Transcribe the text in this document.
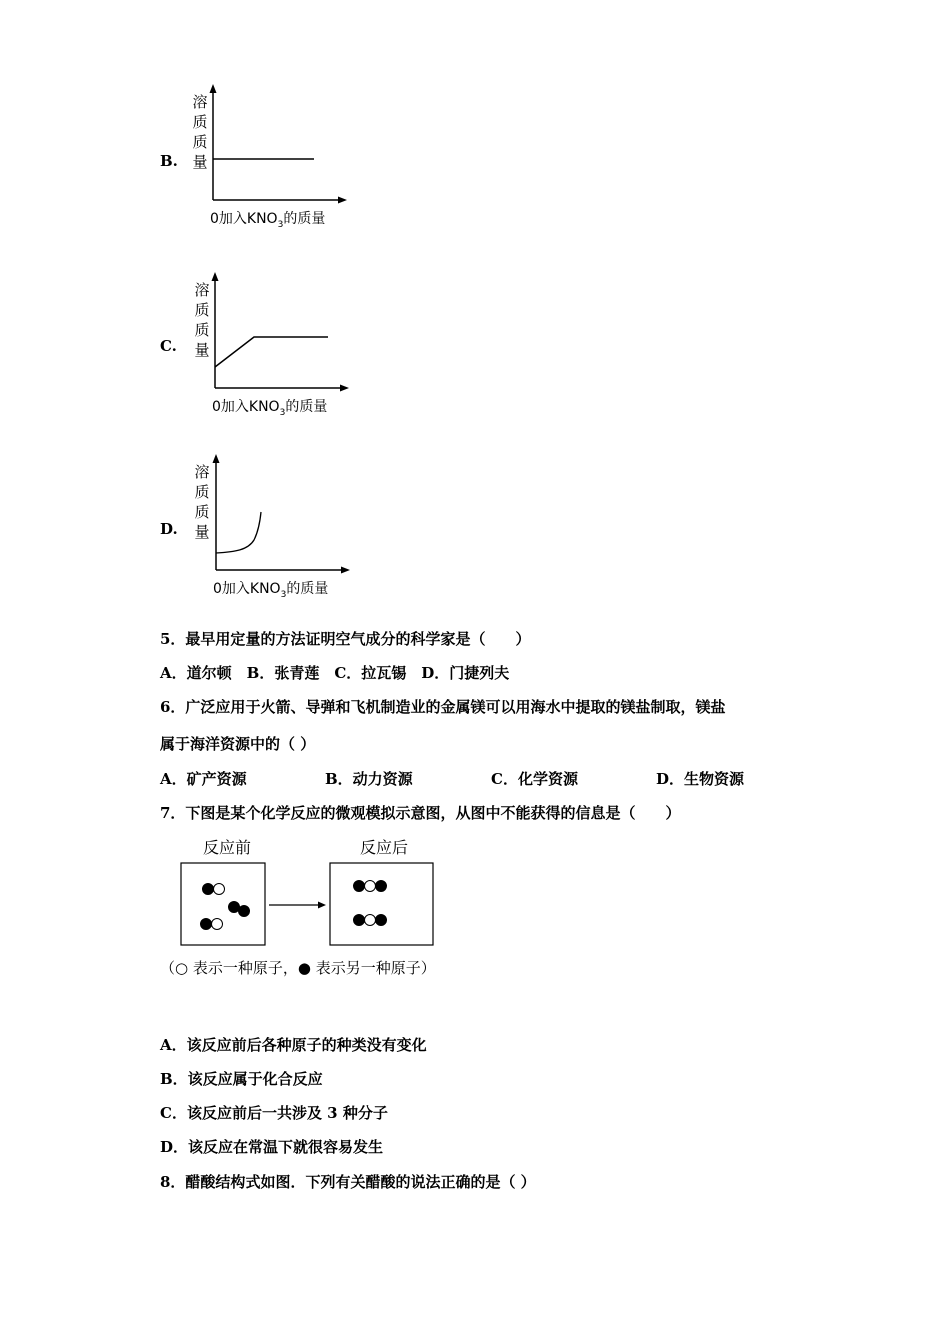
B.
溶
质
质
量
0加入$KNO_3$的质量
C.
溶
质
质
量
0加入$KNO_3$的质量
D.
溶
质
质
量
0加入$KNO_3$的质量
5．最早用定量的方法证明空气成分的科学家是（　　）
A．道尔顿　B．张青莲　C．拉瓦锡　D．门捷列夫
6．广泛应用于火箭、导弹和飞机制造业的金属镁可以用海水中提取的镁盐制取，镁盐
属于海洋资源中的（ ）
A．矿产资源	B．动力资源	C．化学资源	D．生物资源
7．下图是某个化学反应的微观模拟示意图，从图中不能获得的信息是（　　）
反应前	反应后
（○ 表示一种原子，● 表示另一种原子）
A．该反应前后各种原子的种类没有变化
B．该反应属于化合反应
C．该反应前后一共涉及 3 种分子
D．该反应在常温下就很容易发生
8．醋酸结构式如图．下列有关醋酸的说法正确的是（ ）
